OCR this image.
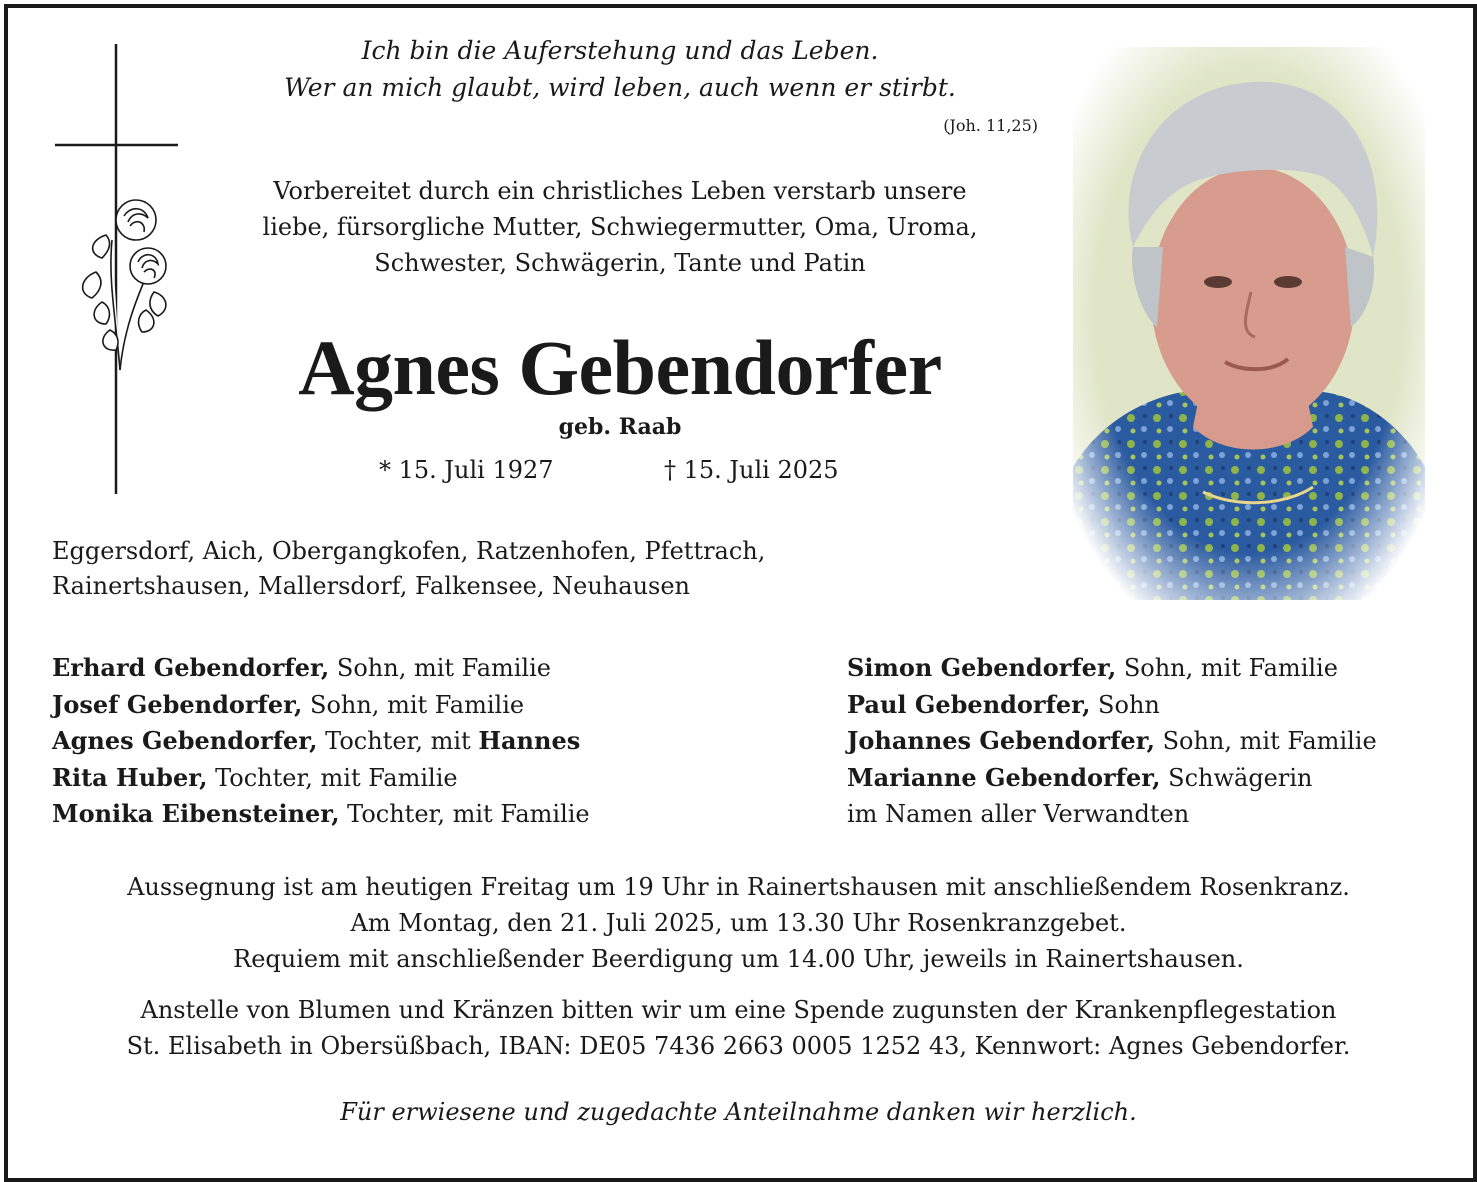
Ich bin die Auferstehung und das Leben.
Wer an mich glaubt, wird leben, auch wenn er stirbt.
(Joh. 11,25)
Vorbereitet durch ein christliches Leben verstarb unsere
liebe, fürsorgliche Mutter, Schwiegermutter, Oma, Uroma,
Schwester, Schwägerin, Tante und Patin
Agnes Gebendorfer
geb. Raab
* 15. Juli 1927	† 15. Juli 2025
Eggersdorf, Aich, Obergangkofen, Ratzenhofen, Pfettrach,
Rainertshausen, Mallersdorf, Falkensee, Neuhausen
Erhard Gebendorfer, Sohn, mit Familie
Josef Gebendorfer, Sohn, mit Familie
Agnes Gebendorfer, Tochter, mit Hannes
Rita Huber, Tochter, mit Familie
Monika Eibensteiner, Tochter, mit Familie
Simon Gebendorfer, Sohn, mit Familie
Paul Gebendorfer, Sohn
Johannes Gebendorfer, Sohn, mit Familie
Marianne Gebendorfer, Schwägerin
im Namen aller Verwandten
Aussegnung ist am heutigen Freitag um 19 Uhr in Rainertshausen mit anschließendem Rosenkranz.
Am Montag, den 21. Juli 2025, um 13.30 Uhr Rosenkranzgebet.
Requiem mit anschließender Beerdigung um 14.00 Uhr, jeweils in Rainertshausen.
Anstelle von Blumen und Kränzen bitten wir um eine Spende zugunsten der Krankenpflegestation
St. Elisabeth in Obersüßbach, IBAN: DE05 7436 2663 0005 1252 43, Kennwort: Agnes Gebendorfer.
Für erwiesene und zugedachte Anteilnahme danken wir herzlich.
